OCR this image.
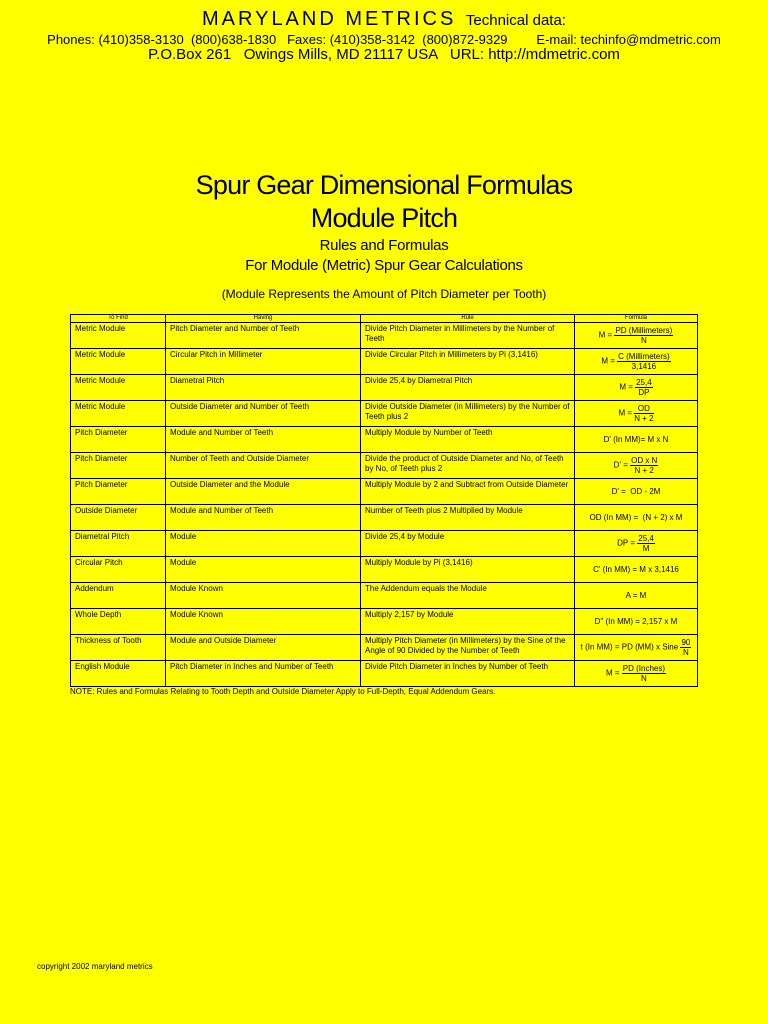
MARYLAND METRICS Technical data:
Phones: (410)358-3130  (800)638-1830   Faxes: (410)358-3142  (800)872-9329        E-mail: techinfo@mdmetric.com
P.O.Box 261   Owings Mills, MD 21117 USA   URL: http://mdmetric.com
Spur Gear Dimensional Formulas
Module Pitch
Rules and Formulas
For Module (Metric) Spur Gear Calculations
(Module Represents the Amount of Pitch Diameter per Tooth)
To Find	Having	Rule	Formula
Metric Module	Pitch Diameter and Number of Teeth	Divide Pitch Diameter in Millimeters by the Number of Teeth	$M = \frac{\text{PD (Millimeters)}}{N}$

Metric Module	Circular Pitch in Millimeter	Divide Circular Pitch in Millimeters by Pi (3,1416)	$M = \frac{\text{C (Millimeters)}}{3,1416}$

Metric Module	Diametral Pitch	Divide 25,4 by Diametral Pitch	$M = \frac{25,4}{DP}$

Metric Module	Outside Diameter and Number of Teeth	Divide Outside Diameter (in Millimeters) by the Number of Teeth plus 2	$M = \frac{OD}{N + 2}$

Pitch Diameter	Module and Number of Teeth	Multiply Module by Number of Teeth	D' (In MM)= M x N
Pitch Diameter	Number of Teeth and Outside Diameter	Divide the product of Outside Diameter and No, of Teeth by No, of Teeth plus 2	$D' = \frac{\text{OD x N}}{N + 2}$

Pitch Diameter	Outside Diameter and the Module	Multiply Module by 2 and Subtract from Outside Diameter	D' =  OD - 2M
Outside Diameter	Module and Number of Teeth	Number of Teeth plus 2 Multiplied by Module	OD (In MM) =  (N + 2) x M
Diametral Pitch	Module	Divide 25,4 by Module	DP = $\frac{25,4}{M}$

Circular Pitch	Module	Multiply Module by Pi (3,1416)	C' (In MM) = M x 3,1416
Addendum	Module Known	The Addendum equals the Module	A = M
Whole Depth	Module Known	Multiply 2,157 by Module	D" (In MM) = 2,157 x M
Thickness of Tooth	Module and Outside Diameter	Multiply Pitch Diameter (in Millimeters) by the Sine of the Angle of 90 Divided by the Number of Teeth	t (In MM) = PD (MM) x Sine $\frac{90}{N}$

English Module	Pitch Diameter in Inches and Number of Teeth	Divide Pitch Diameter in Inches by Number of Teeth	$M = \frac{\text{PD (Inches)}}{N}$
NOTE: Rules and Formulas Relating to Tooth Depth and Outside Diameter Apply to Full-Depth, Equal Addendum Gears.
copyright 2002 maryland metrics
